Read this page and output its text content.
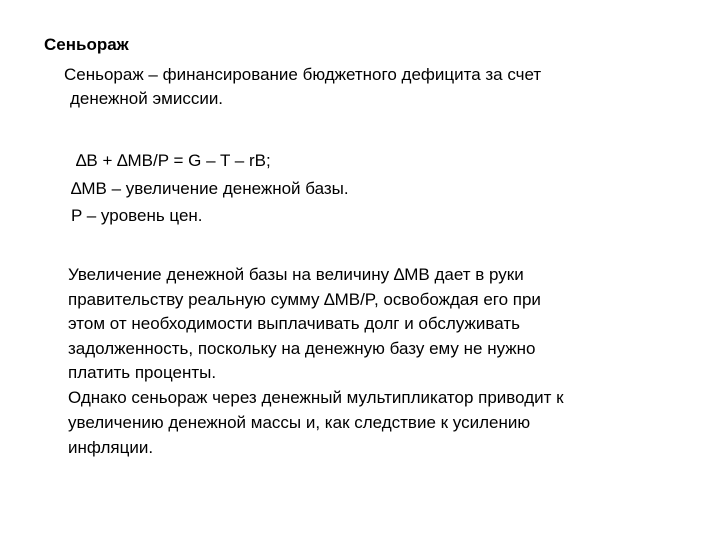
Сеньораж
Сеньораж – финансирование бюджетного дефицита за счет
денежной эмиссии.
∆B + ∆MB/P = G – T – rB;
∆MB – увеличение денежной базы.
P – уровень цен.
Увеличение денежной базы на величину ∆MB дает в руки
правительству реальную сумму ∆MB/P, освобождая его при
этом от необходимости выплачивать долг и обслуживать
задолженность, поскольку на денежную базу ему не нужно
платить проценты.
Однако сеньораж через денежный мультипликатор приводит к
увеличению денежной массы и, как следствие к усилению
инфляции.
